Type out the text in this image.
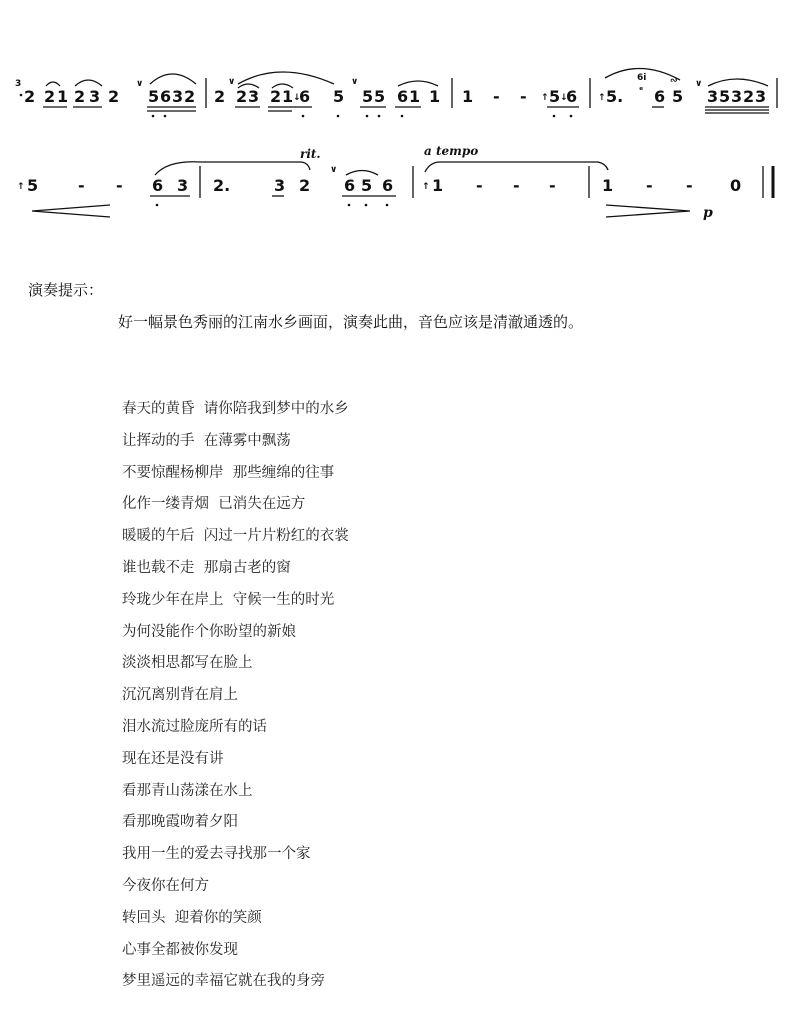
3
2 2 1 2 3 2
∨
5 6 3 2 2
∨
2 3 2 1 ↓
6 5
∨
5 5 6 1 1 1 - - ↑ 5 ↓
6 ↑ 5.
6i
ᵉ 6
∾
5
∨
3 5 3 2 3
↑ 5 - - 6 3 2.
rit.
3 2
∨
6 5 6
a tempo
↑ 1 - - -	1 - - 0
p
演奏提示：
好一幅景色秀丽的江南水乡画面，演奏此曲，音色应该是清澈通透的。
春天的黄昏  请你陪我到梦中的水乡
让挥动的手  在薄雾中飘荡
不要惊醒杨柳岸  那些缠绵的往事
化作一缕青烟  已消失在远方
暖暖的午后  闪过一片片粉红的衣裳
谁也载不走  那扇古老的窗
玲珑少年在岸上  守候一生的时光
为何没能作个你盼望的新娘
淡淡相思都写在脸上
沉沉离别背在肩上
泪水流过脸庞所有的话
现在还是没有讲
看那青山荡漾在水上
看那晚霞吻着夕阳
我用一生的爱去寻找那一个家
今夜你在何方
转回头  迎着你的笑颜
心事全都被你发现
梦里遥远的幸福它就在我的身旁
